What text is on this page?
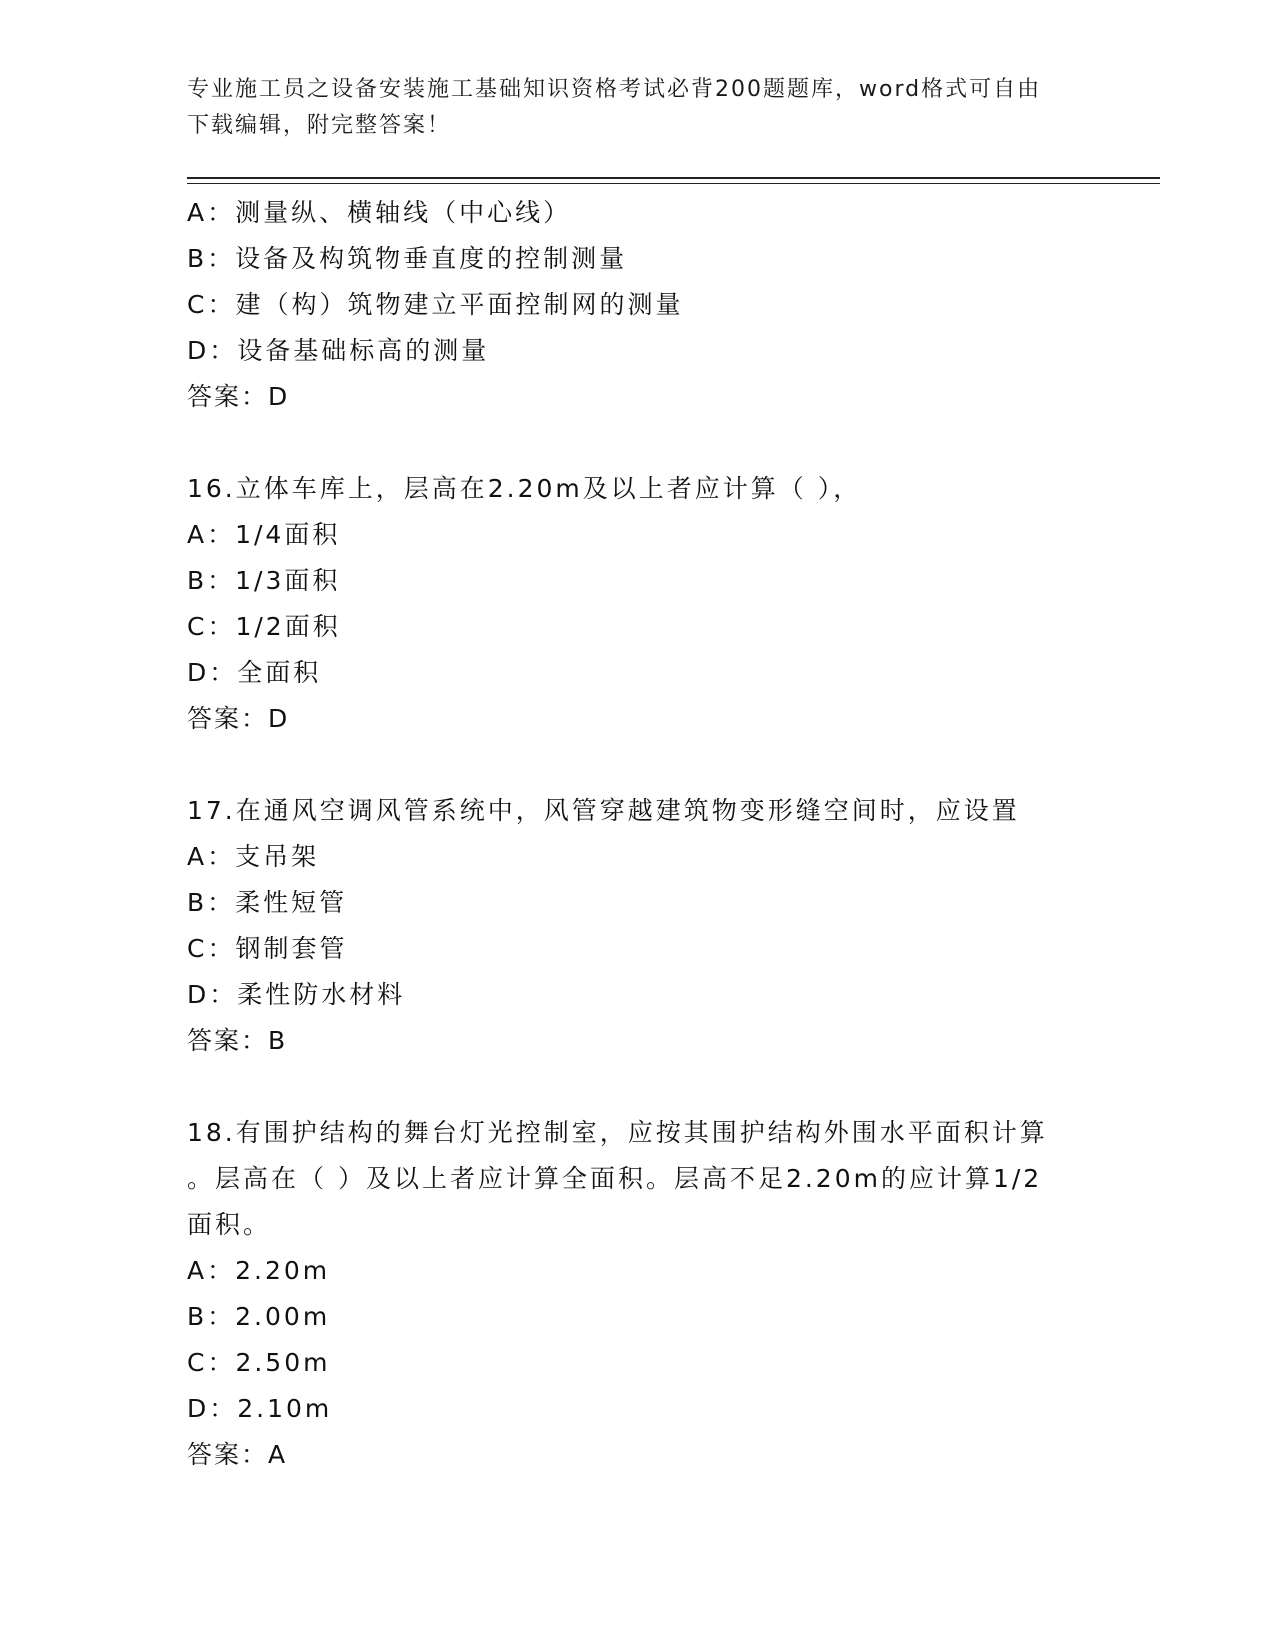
专业施工员之设备安装施工基础知识资格考试必背200题题库，word格式可自由
下载编辑，附完整答案！
A：测量纵、横轴线（中心线）
B：设备及构筑物垂直度的控制测量
C：建（构）筑物建立平面控制网的测量
D：设备基础标高的测量
答案：D
16.立体车库上，层高在2.20m及以上者应计算（ ），
A：1/4面积
B：1/3面积
C：1/2面积
D：全面积
答案：D
17.在通风空调风管系统中，风管穿越建筑物变形缝空间时，应设置
A：支吊架
B：柔性短管
C：钢制套管
D：柔性防水材料
答案：B
18.有围护结构的舞台灯光控制室，应按其围护结构外围水平面积计算
。层高在（ ）及以上者应计算全面积。层高不足2.20m的应计算1/2
面积。
A：2.20m
B：2.00m
C：2.50m
D：2.10m
答案：A
